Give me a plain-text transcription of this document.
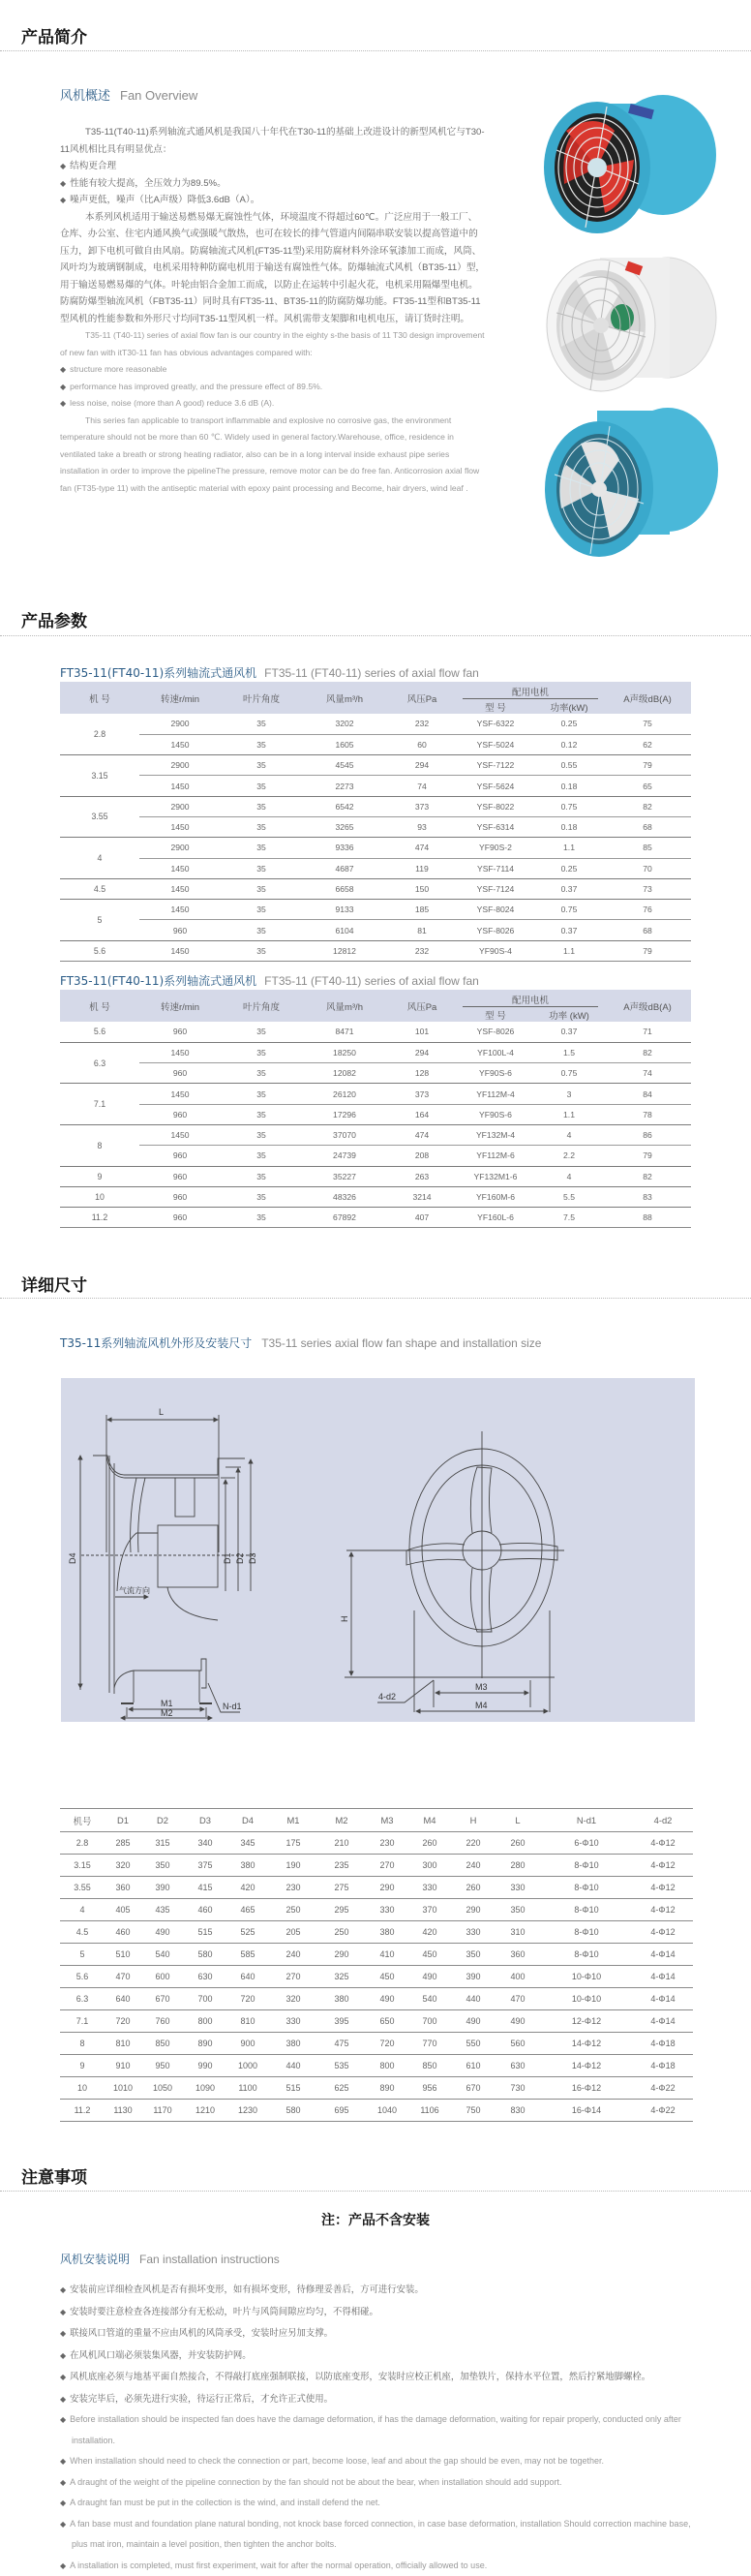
产品简介
风机概述 Fan Overview

T35-11(T40-11)系列轴流式通风机是我国八十年代在T30-11的基础上改进设计的新型风机它与T30-11风机相比具有明显优点：

◆ 结构更合理

◆ 性能有较大提高，全压效力为89.5%。

◆ 噪声更低，噪声（比A声级）降低3.6dB（A）。

本系列风机适用于输送易燃易爆无腐蚀性气体，环境温度不得超过60℃。广泛应用于一般工厂、仓库、办公室、住宅内通风换气或强暖气散热，也可在较长的排气管道内间隔串联安装以提高管道中的压力，卸下电机可做自由风扇。防腐轴流式风机(FT35-11型)采用防腐材料外涂环氧漆加工而成，风筒、风叶均为玻璃钢制成，电机采用特种防腐电机用于输送有腐蚀性气体。防爆轴流式风机（BT35-11）型，用于输送易燃易爆的气体。叶轮由铝合金加工而成，以防止在运转中引起火花，电机采用隔爆型电机。防腐防爆型轴流风机（FBT35-11）同时具有FT35-11、BT35-11的防腐防爆功能。FT35-11型和BT35-11型风机的性能参数和外形尺寸均同T35-11型风机一样。风机需带支架脚和电机电压，请订货时注明。

T35-11 (T40-11) series of axial flow fan is our country in the eighty s-the basis of 11 T30 design improvement of new fan with itT30-11 fan has obvious advantages compared with:

◆ structure more reasonable

◆ performance has improved greatly, and the pressure effect of 89.5%.

◆ less noise, noise (more than A good) reduce 3.6 dB (A).

This series fan applicable to transport inflammable and explosive no corrosive gas, the environment temperature should not be more than 60 ℃. Widely used in general factory.Warehouse, office, residence in ventilated take a breath or strong heating radiator, also can be in a long interval inside exhaust pipe series installation in order to improve the pipelineThe pressure, remove motor can be do free fan. Anticorrosion axial flow fan (FT35-type 11) with the antiseptic material with epoxy paint processing and Become, hair dryers, wind leaf .

产品参数
FT35-11(FT40-11)系列轴流式通风机 FT35-11 (FT40-11) series of axial flow fan
机 号	转速r/min	叶片角度	风量m³/h	风压Pa	
配用电机
	A声级dB(A)
型 号	功率(kW)
2.8	2900	35	3202	232	YSF-6322	0.25	75
1450	35	1605	60	YSF-5024	0.12	62
3.15	2900	35	4545	294	YSF-7122	0.55	79
1450	35	2273	74	YSF-5624	0.18	65
3.55	2900	35	6542	373	YSF-8022	0.75	82
1450	35	3265	93	YSF-6314	0.18	68
4	2900	35	9336	474	YF90S-2	1.1	85
1450	35	4687	119	YSF-7114	0.25	70
4.5	1450	35	6658	150	YSF-7124	0.37	73
5	1450	35	9133	185	YSF-8024	0.75	76
960	35	6104	81	YSF-8026	0.37	68
5.6	1450	35	12812	232	YF90S-4	1.1	79
FT35-11(FT40-11)系列轴流式通风机 FT35-11 (FT40-11) series of axial flow fan
机 号	转速r/min	叶片角度	风量m³/h	风压Pa	
配用电机
	A声级dB(A)
型 号	功率 (kW)
5.6	960	35	8471	101	YSF-8026	0.37	71
6.3	1450	35	18250	294	YF100L-4	1.5	82
960	35	12082	128	YF90S-6	0.75	74
7.1	1450	35	26120	373	YF112M-4	3	84
960	35	17296	164	YF90S-6	1.1	78
8	1450	35	37070	474	YF132M-4	4	86
960	35	24739	208	YF112M-6	2.2	79
9	960	35	35227	263	YF132M1-6	4	82
10	960	35	48326	3214	YF160M-6	5.5	83
11.2	960	35	67892	407	YF160L-6	7.5	88
详细尺寸
T35-11系列轴流风机外形及安装尺寸 T35-11 series axial flow fan shape and installation size
L
D4	D1 D2 D3
气流方向
M1
M2
N-d1
H
4-d2
M3
M4
机号	D1	D2	D3	D4	M1	M2	M3	M4	H	L	N-d1	4-d2
2.8	285	315	340	345	175	210	230	260	220	260	6-Φ10	4-Φ12
3.15	320	350	375	380	190	235	270	300	240	280	8-Φ10	4-Φ12
3.55	360	390	415	420	230	275	290	330	260	330	8-Φ10	4-Φ12
4	405	435	460	465	250	295	330	370	290	350	8-Φ10	4-Φ12
4.5	460	490	515	525	205	250	380	420	330	310	8-Φ10	4-Φ12
5	510	540	580	585	240	290	410	450	350	360	8-Φ10	4-Φ14
5.6	470	600	630	640	270	325	450	490	390	400	10-Φ10	4-Φ14
6.3	640	670	700	720	320	380	490	540	440	470	10-Φ10	4-Φ14
7.1	720	760	800	810	330	395	650	700	490	490	12-Φ12	4-Φ14
8	810	850	890	900	380	475	720	770	550	560	14-Φ12	4-Φ18
9	910	950	990	1000	440	535	800	850	610	630	14-Φ12	4-Φ18
10	1010	1050	1090	1100	515	625	890	956	670	730	16-Φ12	4-Φ22
11.2	1130	1170	1210	1230	580	695	1040	1106	750	830	16-Φ14	4-Φ22
注意事项
注：产品不含安装
风机安装说明 Fan installation instructions

◆ 安装前应详细检查风机是否有损坏变形，如有损坏变形，待修理妥善后，方可进行安装。

◆ 安装时要注意检查各连接部分有无松动，叶片与风筒间隙应均匀，不得相碰。

◆ 联接风口管道的重量不应由风机的风筒承受，安装时应另加支撑。

◆ 在风机风口端必须装集风器，并安装防护网。

◆ 风机底座必须与地基平面自然接合，不得敲打底座强制联接，以防底座变形，安装时应校正机座，加垫铁片，保持水平位置，然后拧紧地脚螺栓。

◆ 安装完毕后，必须先进行实验，待运行正常后，才允许正式使用。

◆ Before installation should be inspected fan does have the damage deformation, if has the damage deformation, waiting for repair properly, conducted only after installation.

◆ When installation should need to check the connection or part, become loose, leaf and about the gap should be even, may not be together.

◆ A draught of the weight of the pipeline connection by the fan should not be about the bear, when installation should add support.

◆ A draught fan must be put in the collection is the wind, and install defend the net.

◆ A fan base must and foundation plane natural bonding, not knock base forced connection, in case base deformation, installation Should correction machine base, plus mat iron, maintain a level position, then tighten the anchor bolts.

◆ A installation is completed, must first experiment, wait for after the normal operation, officially allowed to use.
